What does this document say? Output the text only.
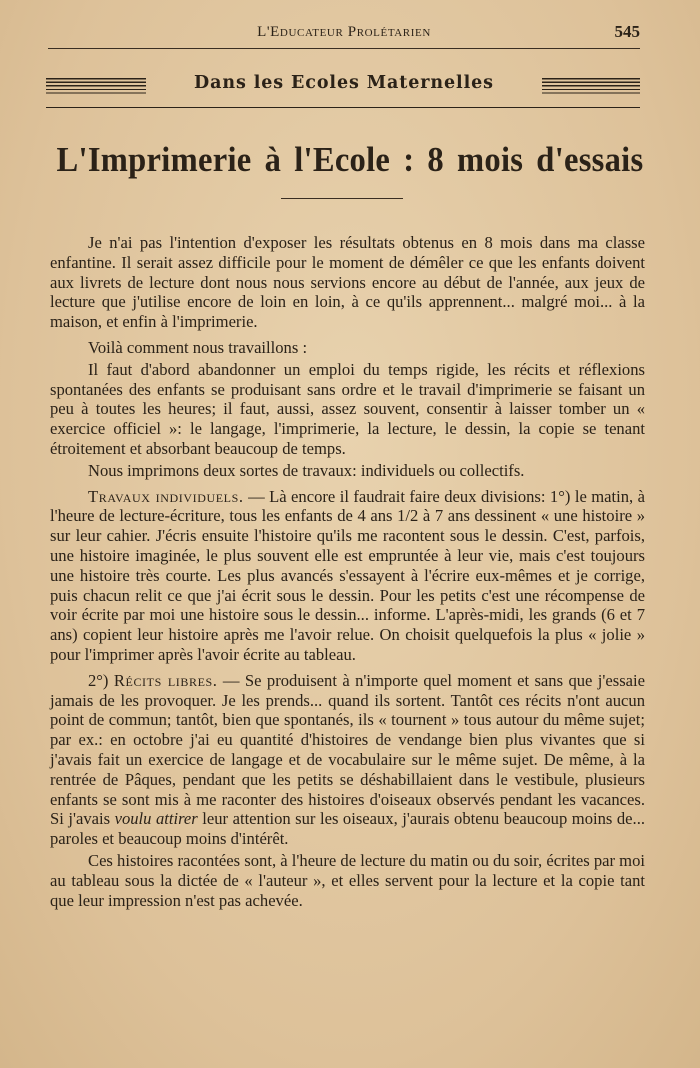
L'Educateur Prolétarien	545
Dans les Ecoles Maternelles
L'Imprimerie à l'Ecole : 8 mois d'essais

Je n'ai pas l'intention d'exposer les résultats obtenus en 8 mois dans ma classe enfantine. Il serait assez difficile pour le moment de démêler ce que les enfants doivent aux livrets de lecture dont nous nous servions encore au début de l'année, aux jeux de lecture que j'utilise encore de loin en loin, à ce qu'ils apprennent... malgré moi... à la maison, et enfin à l'imprimerie.

Voilà comment nous travaillons :

Il faut d'abord abandonner un emploi du temps rigide, les récits et réflexions spontanées des enfants se produisant sans ordre et le travail d'imprimerie se faisant un peu à toutes les heures; il faut, aussi, assez souvent, consentir à laisser tomber un « exercice officiel »: le langage, l'imprimerie, la lecture, le dessin, la copie se tenant étroitement et absorbant beaucoup de temps.

Nous imprimons deux sortes de travaux: individuels ou collectifs.

Travaux individuels. — Là encore il faudrait faire deux divisions: 1°) le matin, à l'heure de lecture-écriture, tous les enfants de 4 ans 1/2 à 7 ans dessinent « une histoire » sur leur cahier. J'écris ensuite l'histoire qu'ils me racontent sous le dessin. C'est, parfois, une histoire imaginée, le plus souvent elle est empruntée à leur vie, mais c'est toujours une histoire très courte. Les plus avancés s'essayent à l'écrire eux-mêmes et je corrige, puis chacun relit ce que j'ai écrit sous le dessin. Pour les petits c'est une récompense de voir écrite par moi une histoire sous le dessin... informe. L'après-midi, les grands (6 et 7 ans) copient leur histoire après me l'avoir relue. On choisit quelquefois la plus « jolie » pour l'imprimer après l'avoir écrite au tableau.

2°) Récits libres. — Se produisent à n'importe quel moment et sans que j'essaie jamais de les provoquer. Je les prends... quand ils sortent. Tantôt ces récits n'ont aucun point de commun; tantôt, bien que spontanés, ils « tournent » tous autour du même sujet; par ex.: en octobre j'ai eu quantité d'histoires de vendange bien plus vivantes que si j'avais fait un exercice de langage et de vocabulaire sur le même sujet. De même, à la rentrée de Pâques, pendant que les petits se déshabillaient dans le vestibule, plusieurs enfants se sont mis à me raconter des histoires d'oiseaux observés pendant les vacances. Si j'avais voulu attirer leur attention sur les oiseaux, j'aurais obtenu beaucoup moins de... paroles et beaucoup moins d'intérêt.

Ces histoires racontées sont, à l'heure de lecture du matin ou du soir, écrites par moi au tableau sous la dictée de « l'auteur », et elles servent pour la lecture et la copie tant que leur impression n'est pas achevée.
